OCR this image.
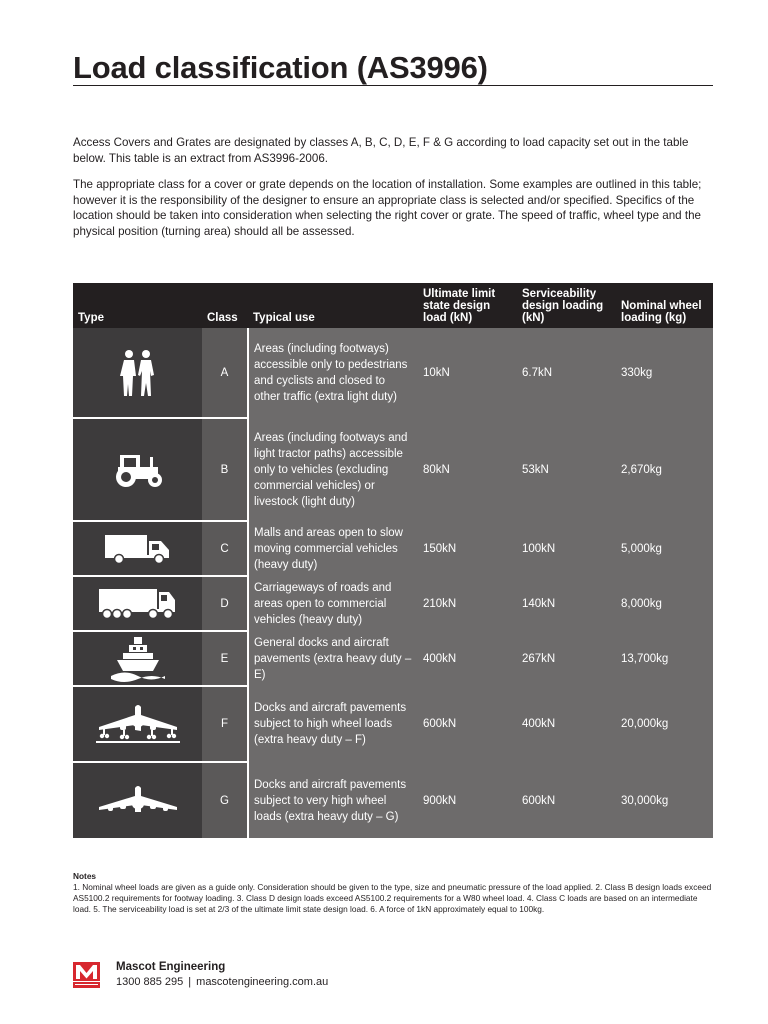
Load classification (AS3996)

Access Covers and Grates are designated by classes A, B, C, D, E, F & G according to load capacity set out in the table below. This table is an extract from AS3996-2006.

The appropriate class for a cover or grate depends on the location of installation. Some examples are outlined in this table; however it is the responsibility of the designer to ensure an appropriate class is selected and/or specified. Specifics of the location should be taken into consideration when selecting the right cover or grate. The speed of traffic, wheel type and the physical position (turning area) should all be assessed.

Type	Class	Typical use	Ultimate limit state design load (kN)	Serviceability design loading (kN)	Nominal wheel loading (kg)

	A	Areas (including footways) accessible only to pedestrians and cyclists and closed to other traffic (extra light duty)	10kN	6.7kN	330kg

	B	Areas (including footways and light tractor paths) accessible only to vehicles (excluding commercial vehicles) or livestock (light duty)	80kN	53kN	2,670kg

	C	Malls and areas open to slow moving commercial vehicles (heavy duty)	150kN	100kN	5,000kg

	D	Carriageways of roads and areas open to commercial vehicles (heavy duty)	210kN	140kN	8,000kg

	E	General docks and aircraft pavements (extra heavy duty – E)	400kN	267kN	13,700kg

	F	Docks and aircraft pavements subject to high wheel loads (extra heavy duty – F)	600kN	400kN	20,000kg

	G	Docks and aircraft pavements subject to very high wheel loads (extra heavy duty – G)	900kN	600kN	30,000kg
Notes
1. Nominal wheel loads are given as a guide only. Consideration should be given to the type, size and pneumatic pressure of the load applied. 2. Class B design loads exceed AS5100.2 requirements for footway loading. 3. Class D design loads exceed AS5100.2 requirements for a W80 wheel load. 4. Class C loads are based on an intermediate load. 5. The serviceability load is set at 2/3 of the ultimate limit state design load. 6. A force of 1kN approximately equal to 100kg.
Mascot Engineering
1300 885 295 | mascotengineering.com.au
